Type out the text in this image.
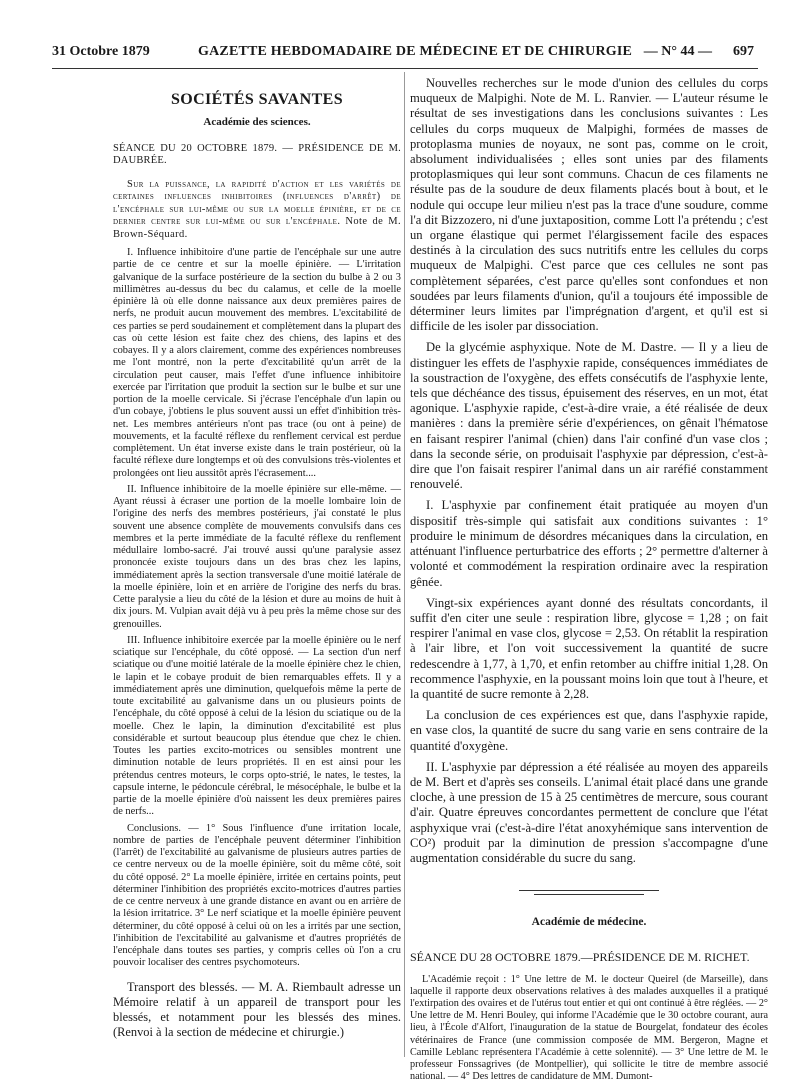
31 Octobre 1879	GAZETTE HEBDOMADAIRE DE MÉDECINE ET DE CHIRURGIE — N° 44 — 697

SOCIÉTÉS SAVANTES

Académie des sciences.

SÉANCE DU 20 OCTOBRE 1879. — PRÉSIDENCE DE M. DAUBRÉE.

Sur la puissance, la rapidité d'action et les variétés de certaines influences inhibitoires (influences d'arrêt) de l'encéphale sur lui-même ou sur la moelle épinière, et de ce dernier centre sur lui-même ou sur l'encéphale. Note de M. Brown-Séquard.

I. Influence inhibitoire d'une partie de l'encéphale sur une autre partie de ce centre et sur la moelle épinière. — L'irritation galvanique de la surface postérieure de la section du bulbe à 2 ou 3 millimètres au-dessus du bec du calamus, et celle de la moelle épinière là où elle donne naissance aux deux premières paires de nerfs, ne produit aucun mouvement des membres. L'excitabilité de ces parties se perd soudainement et complètement dans la plupart des cas où cette lésion est faite chez des chiens, des lapins et des cobayes. Il y a alors clairement, comme des expériences nombreuses me l'ont montré, non la perte d'excitabilité qu'un arrêt de la circulation peut causer, mais l'effet d'une influence inhibitoire exercée par l'irritation que produit la section sur le bulbe et sur une portion de la moelle cervicale. Si j'écrase l'encéphale d'un lapin ou d'un cobaye, j'obtiens le plus souvent aussi un effet d'inhibition très-net. Les membres antérieurs n'ont pas trace (ou ont à peine) de mouvements, et la faculté réflexe du renflement cervical est perdue complètement. Un état inverse existe dans le train postérieur, où la faculté réflexe dure longtemps et où des convulsions très-violentes et prolongées ont lieu aussitôt après l'écrasement....

II. Influence inhibitoire de la moelle épinière sur elle-même. — Ayant réussi à écraser une portion de la moelle lombaire loin de l'origine des nerfs des membres postérieurs, j'ai constaté le plus souvent une absence complète de mouvements convulsifs dans ces membres et la perte immédiate de la faculté réflexe du renflement médullaire lombo-sacré. J'ai trouvé aussi qu'une paralysie assez prononcée existe toujours dans un des bras chez les lapins, immédiatement après la section transversale d'une moitié latérale de la moelle épinière, loin et en arrière de l'origine des nerfs du bras. Cette paralysie a lieu du côté de la lésion et dure au moins de huit à dix jours. M. Vulpian avait déjà vu à peu près la même chose sur des grenouilles.

III. Influence inhibitoire exercée par la moelle épinière ou le nerf sciatique sur l'encéphale, du côté opposé. — La section d'un nerf sciatique ou d'une moitié latérale de la moelle épinière chez le chien, le lapin et le cobaye produit de bien remarquables effets. Il y a immédiatement après une diminution, quelquefois même la perte de toute excitabilité au galvanisme dans un ou plusieurs points de l'encéphale, du côté opposé à celui de la lésion du sciatique ou de la moelle. Chez le lapin, la diminution d'excitabilité est plus considérable et surtout beaucoup plus étendue que chez le chien. Toutes les parties excito-motrices ou sensibles montrent une diminution notable de leurs propriétés. Il en est ainsi pour les prétendus centres moteurs, le corps opto-strié, le nates, le testes, la capsule interne, le pédoncule cérébral, le mésocéphale, le bulbe et la partie de la moelle épinière d'où naissent les deux premières paires de nerfs...

Conclusions. — 1° Sous l'influence d'une irritation locale, nombre de parties de l'encéphale peuvent déterminer l'inhibition (l'arrêt) de l'excitabilité au galvanisme de plusieurs autres parties de ce centre nerveux ou de la moelle épinière, soit du même côté, soit du côté opposé. 2° La moelle épinière, irritée en certains points, peut déterminer l'inhibition des propriétés excito-motrices d'autres parties de ce centre nerveux à une grande distance en avant ou en arrière de la lésion irritatrice. 3° Le nerf sciatique et la moelle épinière peuvent déterminer, du côté opposé à celui où on les a irrités par une section, l'inhibition de l'excitabilité au galvanisme et d'autres propriétés de l'encéphale dans toutes ses parties, y compris celles où l'on a cru pouvoir localiser des centres psychomoteurs.

Transport des blessés. — M. A. Riembault adresse un Mémoire relatif à un appareil de transport pour les blessés, et notamment pour les blessés des mines. (Renvoi à la section de médecine et chirurgie.)

Nouvelles recherches sur le mode d'union des cellules du corps muqueux de Malpighi. Note de M. L. Ranvier. — L'auteur résume le résultat de ses investigations dans les conclusions suivantes : Les cellules du corps muqueux de Malpighi, formées de masses de protoplasma munies de noyaux, ne sont pas, comme on le croit, absolument individualisées ; elles sont unies par des filaments protoplasmiques qui leur sont communs. Chacun de ces filaments ne résulte pas de la soudure de deux filaments placés bout à bout, et le nodule qui occupe leur milieu n'est pas la trace d'une soudure, comme l'a dit Bizzozero, ni d'une juxtaposition, comme Lott l'a prétendu ; c'est un organe élastique qui permet l'élargissement facile des espaces destinés à la circulation des sucs nutritifs entre les cellules du corps muqueux de Malpighi. C'est parce que ces cellules ne sont pas complètement séparées, c'est parce qu'elles sont confondues et non soudées par leurs filaments d'union, qu'il a toujours été impossible de déterminer leurs limites par l'imprégnation d'argent, et qu'il est si difficile de les isoler par dissociation.

De la glycémie asphyxique. Note de M. Dastre. — Il y a lieu de distinguer les effets de l'asphyxie rapide, conséquences immédiates de la soustraction de l'oxygène, des effets consécutifs de l'asphyxie lente, tels que déchéance des tissus, épuisement des réserves, en un mot, état agonique. L'asphyxie rapide, c'est-à-dire vraie, a été réalisée de deux manières : dans la première série d'expériences, on gênait l'hématose en faisant respirer l'animal (chien) dans l'air confiné d'un vase clos ; dans la seconde série, on produisait l'asphyxie par dépression, c'est-à-dire que l'on faisait respirer l'animal dans un air raréfié constamment renouvelé.

I. L'asphyxie par confinement était pratiquée au moyen d'un dispositif très-simple qui satisfait aux conditions suivantes : 1° produire le minimum de désordres mécaniques dans la circulation, en atténuant l'influence perturbatrice des efforts ; 2° permettre d'alterner à volonté et commodément la respiration ordinaire avec la respiration gênée.

Vingt-six expériences ayant donné des résultats concordants, il suffit d'en citer une seule : respiration libre, glycose = 1,28 ; on fait respirer l'animal en vase clos, glycose = 2,53. On rétablit la respiration à l'air libre, et l'on voit successivement la quantité de sucre redescendre à 1,77, à 1,70, et enfin retomber au chiffre initial 1,28. On recommence l'asphyxie, en la poussant moins loin que tout à l'heure, et la quantité de sucre remonte à 2,28.

La conclusion de ces expériences est que, dans l'asphyxie rapide, en vase clos, la quantité de sucre du sang varie en sens contraire de la quantité d'oxygène.

II. L'asphyxie par dépression a été réalisée au moyen des appareils de M. Bert et d'après ses conseils. L'animal était placé dans une grande cloche, à une pression de 15 à 25 centimètres de mercure, sous courant d'air. Quatre épreuves concordantes permettent de conclure que l'état asphyxique vrai (c'est-à-dire l'état anoxyhémique sans intervention de CO²) produit par la diminution de pression s'accompagne d'une augmentation considérable du sucre du sang.

Académie de médecine.

SÉANCE DU 28 OCTOBRE 1879.—PRÉSIDENCE DE M. RICHET.

L'Académie reçoit : 1° Une lettre de M. le docteur Queirel (de Marseille), dans laquelle il rapporte deux observations relatives à des malades auxquelles il a pratiqué l'extirpation des ovaires et de l'utérus tout entier et qui ont continué à être réglées. — 2° Une lettre de M. Henri Bouley, qui informe l'Académie que le 30 octobre courant, aura lieu, à l'École d'Alfort, l'inauguration de la statue de Bourgelat, fondateur des écoles vétérinaires de France (une commission composée de MM. Bergeron, Magne et Camille Leblanc représentera l'Académie à cette solennité). — 3° Une lettre de M. le professeur Fonssagrives (de Montpellier), qui sollicite le titre de membre associé national. — 4° Des lettres de candidature de MM. Dumont-
